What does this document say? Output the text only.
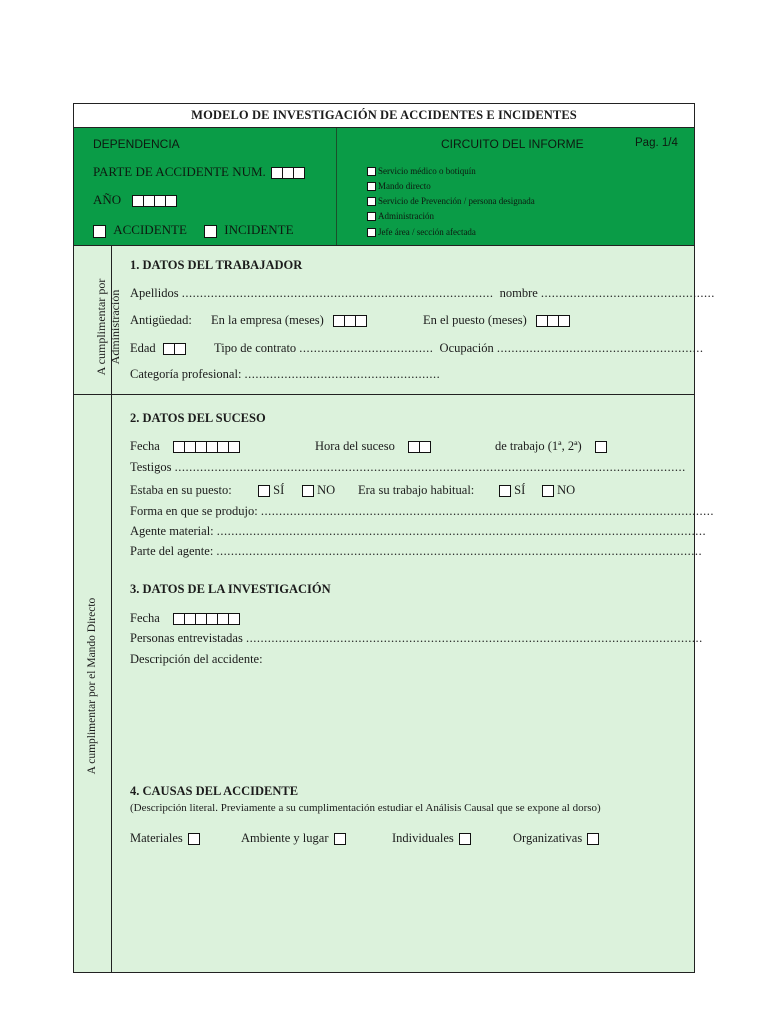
MODELO DE INVESTIGACIÓN DE ACCIDENTES E INCIDENTES
DEPENDENCIA
PARTE DE ACCIDENTE NUM.
AÑO
ACCIDENTE	INCIDENTE
CIRCUITO DEL INFORME	Pag. 1/4
Servicio médico o botiquín
Mando directo
Servicio de Prevención / persona designada
Administración
Jefe área / sección afectada
A cumplimentar por Administración
A cumplimentar por el Mando Directo
1. DATOS DEL TRABAJADOR
Apellidos ...................................................................................... nombre ................................................
Antigüedad: En la empresa (meses)	En el puesto (meses)
Edad	Tipo de contrato ..................................... Ocupación .........................................................
Categoría profesional: ......................................................
2. DATOS DEL SUCESO
Fecha	Hora del suceso	de trabajo (1ª, 2ª)
Testigos .............................................................................................................................................
Estaba en su puesto:	SÍ	NO Era su trabajo habitual:	SÍ	NO
Forma en que se produjo: .............................................................................................................................
Agente material: .......................................................................................................................................
Parte del agente: ......................................................................................................................................
3. DATOS DE LA INVESTIGACIÓN
Fecha
Personas entrevistadas ..............................................................................................................................
Descripción del accidente:
4. CAUSAS DEL ACCIDENTE
(Descripción literal. Previamente a su cumplimentación estudiar el Análisis Causal que se expone al dorso)
Materiales	Ambiente y lugar	Individuales	Organizativas
